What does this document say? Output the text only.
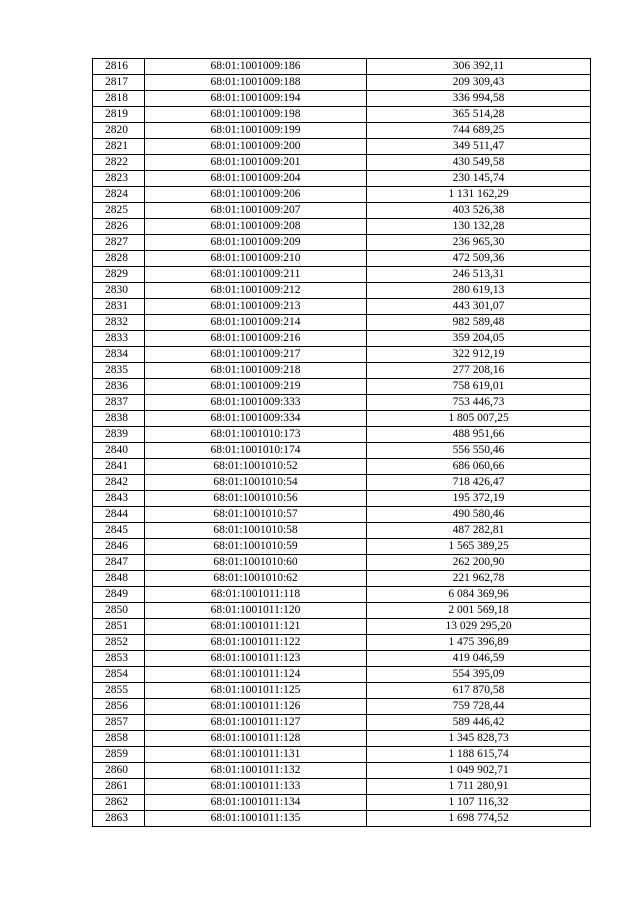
2816	68:01:1001009:186	306 392,11
2817	68:01:1001009:188	209 309,43
2818	68:01:1001009:194	336 994,58
2819	68:01:1001009:198	365 514,28
2820	68:01:1001009:199	744 689,25
2821	68:01:1001009:200	349 511,47
2822	68:01:1001009:201	430 549,58
2823	68:01:1001009:204	230 145,74
2824	68:01:1001009:206	1 131 162,29
2825	68:01:1001009:207	403 526,38
2826	68:01:1001009:208	130 132,28
2827	68:01:1001009:209	236 965,30
2828	68:01:1001009:210	472 509,36
2829	68:01:1001009:211	246 513,31
2830	68:01:1001009:212	280 619,13
2831	68:01:1001009:213	443 301,07
2832	68:01:1001009:214	982 589,48
2833	68:01:1001009:216	359 204,05
2834	68:01:1001009:217	322 912,19
2835	68:01:1001009:218	277 208,16
2836	68:01:1001009:219	758 619,01
2837	68:01:1001009:333	753 446,73
2838	68:01:1001009:334	1 805 007,25
2839	68:01:1001010:173	488 951,66
2840	68:01:1001010:174	556 550,46
2841	68:01:1001010:52	686 060,66
2842	68:01:1001010:54	718 426,47
2843	68:01:1001010:56	195 372,19
2844	68:01:1001010:57	490 580,46
2845	68:01:1001010:58	487 282,81
2846	68:01:1001010:59	1 565 389,25
2847	68:01:1001010:60	262 200,90
2848	68:01:1001010:62	221 962,78
2849	68:01:1001011:118	6 084 369,96
2850	68:01:1001011:120	2 001 569,18
2851	68:01:1001011:121	13 029 295,20
2852	68:01:1001011:122	1 475 396,89
2853	68:01:1001011:123	419 046,59
2854	68:01:1001011:124	554 395,09
2855	68:01:1001011:125	617 870,58
2856	68:01:1001011:126	759 728,44
2857	68:01:1001011:127	589 446,42
2858	68:01:1001011:128	1 345 828,73
2859	68:01:1001011:131	1 188 615,74
2860	68:01:1001011:132	1 049 902,71
2861	68:01:1001011:133	1 711 280,91
2862	68:01:1001011:134	1 107 116,32
2863	68:01:1001011:135	1 698 774,52
